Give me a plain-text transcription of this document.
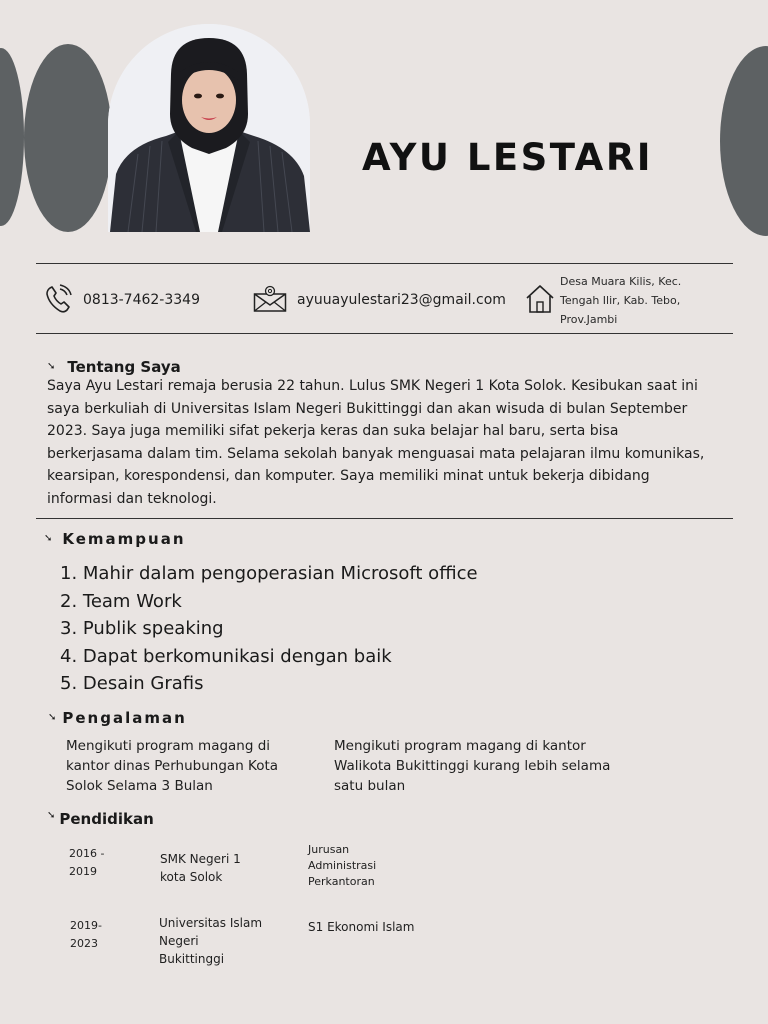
AYU LESTARI
0813-7462-3349	ayuuayulestari23@gmail.com
Desa Muara Kilis, Kec.
Tengah Ilir, Kab. Tebo,
Prov.Jambi
➘ Tentang Saya
Saya Ayu Lestari remaja berusia 22 tahun. Lulus SMK Negeri 1 Kota Solok. Kesibukan saat ini
saya berkuliah di Universitas Islam Negeri Bukittinggi dan akan wisuda di bulan September
2023. Saya juga memiliki sifat pekerja keras dan suka belajar hal baru, serta bisa
berkerjasama dalam tim. Selama sekolah banyak menguasai mata pelajaran ilmu komunikas,
kearsipan, korespondensi, dan komputer. Saya memiliki minat untuk bekerja dibidang
informasi dan teknologi.
➘ Kemampuan
1. Mahir dalam pengoperasian Microsoft office
2. Team Work
3. Publik speaking
4. Dapat berkomunikasi dengan baik
5. Desain Grafis
➘ Pengalaman
Mengikuti program magang di
kantor dinas Perhubungan Kota
Solok Selama 3 Bulan
Mengikuti program magang di kantor
Walikota Bukittinggi kurang lebih selama
satu bulan
➘ Pendidikan
2016 -
2019
SMK Negeri 1
kota Solok
Jurusan
Administrasi
Perkantoran
2019-
2023
Universitas Islam
Negeri
Bukittinggi
S1 Ekonomi Islam
